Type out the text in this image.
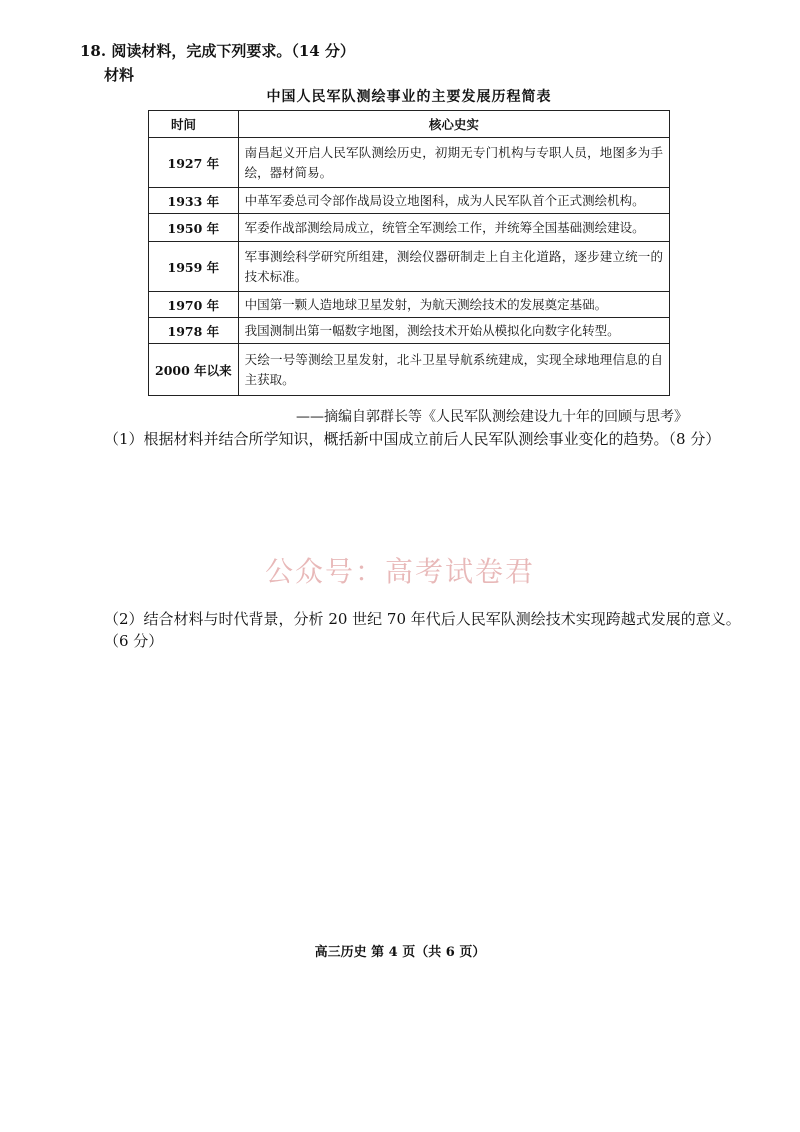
18. 阅读材料，完成下列要求。（14 分）
材料
中国人民军队测绘事业的主要发展历程简表
时间	核心史实
1927 年	南昌起义开启人民军队测绘历史，初期无专门机构与专职人员，地图多为手绘，器材简易。
1933 年	中革军委总司令部作战局设立地图科，成为人民军队首个正式测绘机构。
1950 年	军委作战部测绘局成立，统管全军测绘工作，并统筹全国基础测绘建设。
1959 年	军事测绘科学研究所组建，测绘仪器研制走上自主化道路，逐步建立统一的技术标准。
1970 年	中国第一颗人造地球卫星发射，为航天测绘技术的发展奠定基础。
1978 年	我国测制出第一幅数字地图，测绘技术开始从模拟化向数字化转型。
2000 年以来	天绘一号等测绘卫星发射，北斗卫星导航系统建成，实现全球地理信息的自主获取。
——摘编自郭群长等《人民军队测绘建设九十年的回顾与思考》
（1）根据材料并结合所学知识，概括新中国成立前后人民军队测绘事业变化的趋势。（8 分）
公众号：高考试卷君
（2）结合材料与时代背景，分析 20 世纪 70 年代后人民军队测绘技术实现跨越式发展的意义。（6 分）
高三历史 第 4 页（共 6 页）
